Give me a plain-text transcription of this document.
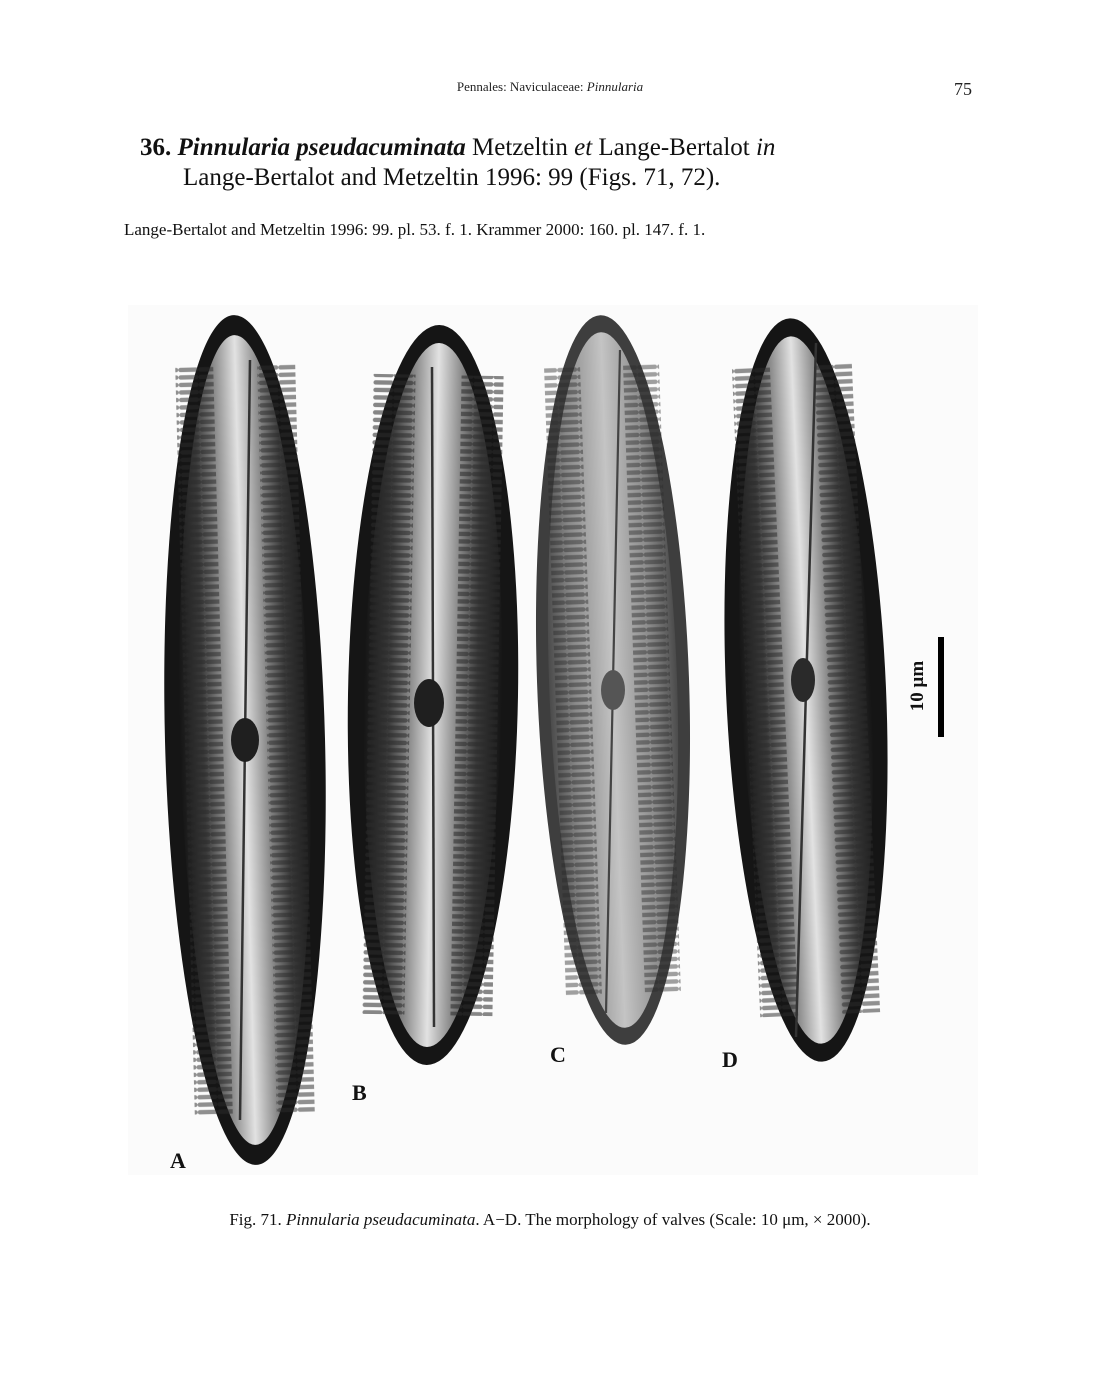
Pennales: Naviculaceae: Pinnularia	75
36. Pinnularia pseudacuminata Metzeltin et Lange-Bertalot in
Lange-Bertalot and Metzeltin 1996: 99 (Figs. 71, 72).
Lange-Bertalot and Metzeltin 1996: 99. pl. 53. f. 1. Krammer 2000: 160. pl. 147. f. 1.
A
B
C	D
10 μm
Fig. 71. Pinnularia pseudacuminata. A−D. The morphology of valves (Scale: 10 μm, × 2000).
